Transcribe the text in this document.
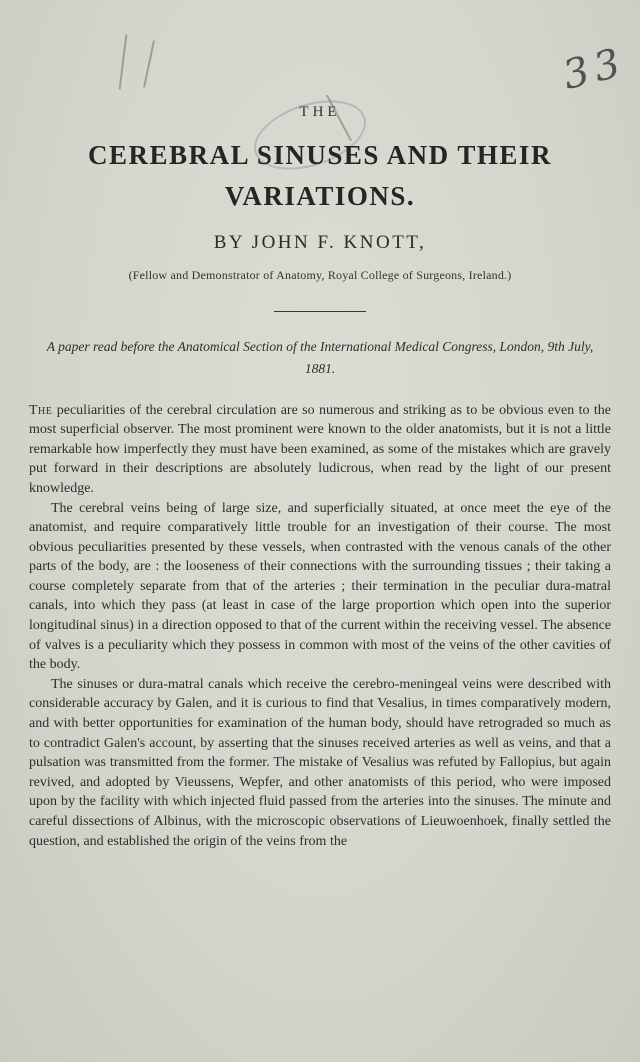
33
THE
CEREBRAL SINUSES AND THEIR
VARIATIONS.
BY JOHN F. KNOTT,
(Fellow and Demonstrator of Anatomy, Royal College of Surgeons, Ireland.)
A paper read before the Anatomical Section of the International Medical Congress, London, 9th July, 1881.

The peculiarities of the cerebral circulation are so numerous and striking as to be obvious even to the most superficial observer. The most prominent were known to the older anatomists, but it is not a little remarkable how imperfectly they must have been examined, as some of the mistakes which are gravely put forward in their descriptions are absolutely ludicrous, when read by the light of our present knowledge.

The cerebral veins being of large size, and superficially situated, at once meet the eye of the anatomist, and require comparatively little trouble for an investigation of their course. The most obvious peculiarities presented by these vessels, when contrasted with the venous canals of the other parts of the body, are : the looseness of their connections with the surrounding tissues ; their taking a course completely separate from that of the arteries ; their termination in the peculiar dura-matral canals, into which they pass (at least in case of the large proportion which open into the superior longitudinal sinus) in a direction opposed to that of the current within the receiving vessel. The absence of valves is a peculiarity which they possess in common with most of the veins of the other cavities of the body.

The sinuses or dura-matral canals which receive the cerebro-meningeal veins were described with considerable accuracy by Galen, and it is curious to find that Vesalius, in times comparatively modern, and with better opportunities for examination of the human body, should have retrograded so much as to contradict Galen's account, by asserting that the sinuses received arteries as well as veins, and that a pulsation was transmitted from the former. The mistake of Vesalius was refuted by Fallopius, but again revived, and adopted by Vieussens, Wepfer, and other anatomists of this period, who were imposed upon by the facility with which injected fluid passed from the arteries into the sinuses. The minute and careful dissections of Albinus, with the microscopic observations of Lieuwoenhoek, finally settled the question, and established the origin of the veins from the
